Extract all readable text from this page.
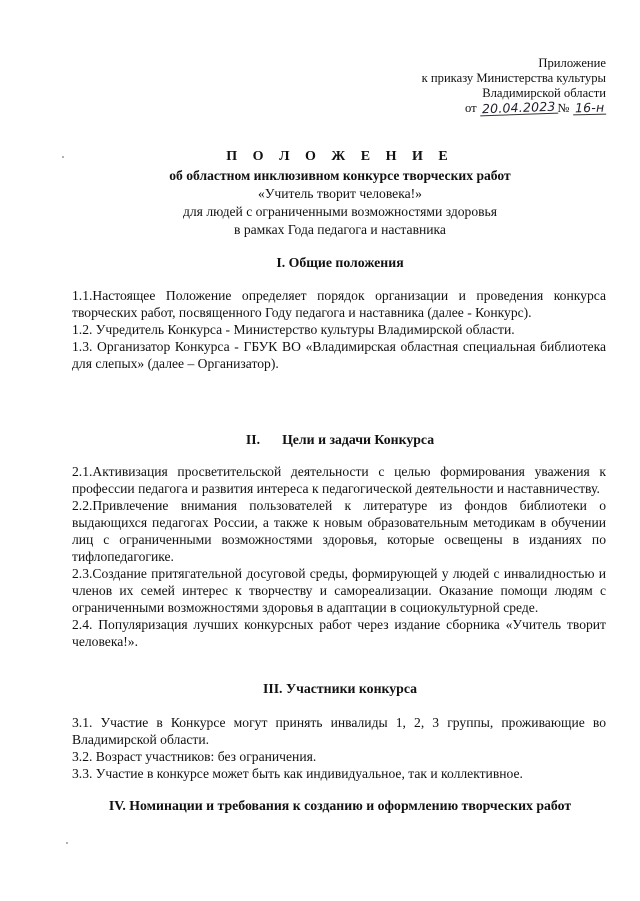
Приложение
к приказу Министерства культуры
Владимирской области
от 20.04.2023 № 16-н
П О Л О Ж Е Н И Е
об областном инклюзивном конкурсе творческих работ
«Учитель творит человека!»
для людей с ограниченными возможностями здоровья
в рамках Года педагога и наставника
I. Общие положения

1.1.Настоящее Положение определяет порядок организации и проведения конкурса творческих работ, посвященного Году педагога и наставника (далее - Конкурс).

1.2. Учредитель Конкурса - Министерство культуры Владимирской области.

1.3. Организатор Конкурса - ГБУК ВО «Владимирская областная специальная библиотека для слепых» (далее – Организатор).

II. Цели и задачи Конкурса

2.1.Активизация просветительской деятельности с целью формирования уважения к профессии педагога и развития интереса к педагогической деятельности и наставничеству.

2.2.Привлечение внимания пользователей к литературе из фондов библиотеки о выдающихся педагогах России, а также к новым образовательным методикам в обучении лиц с ограниченными возможностями здоровья, которые освещены в изданиях по тифлопедагогике.

2.3.Создание притягательной досуговой среды, формирующей у людей с инвалидностью и членов их семей интерес к творчеству и самореализации. Оказание помощи людям с ограниченными возможностями здоровья в адаптации в социокультурной среде.

2.4. Популяризация лучших конкурсных работ через издание сборника «Учитель творит человека!».

III. Участники конкурса

3.1. Участие в Конкурсе могут принять инвалиды 1, 2, 3 группы, проживающие во Владимирской области.

3.2. Возраст участников: без ограничения.

3.3. Участие в конкурсе может быть как индивидуальное, так и коллективное.

IV. Номинации и требования к созданию и оформлению творческих работ
